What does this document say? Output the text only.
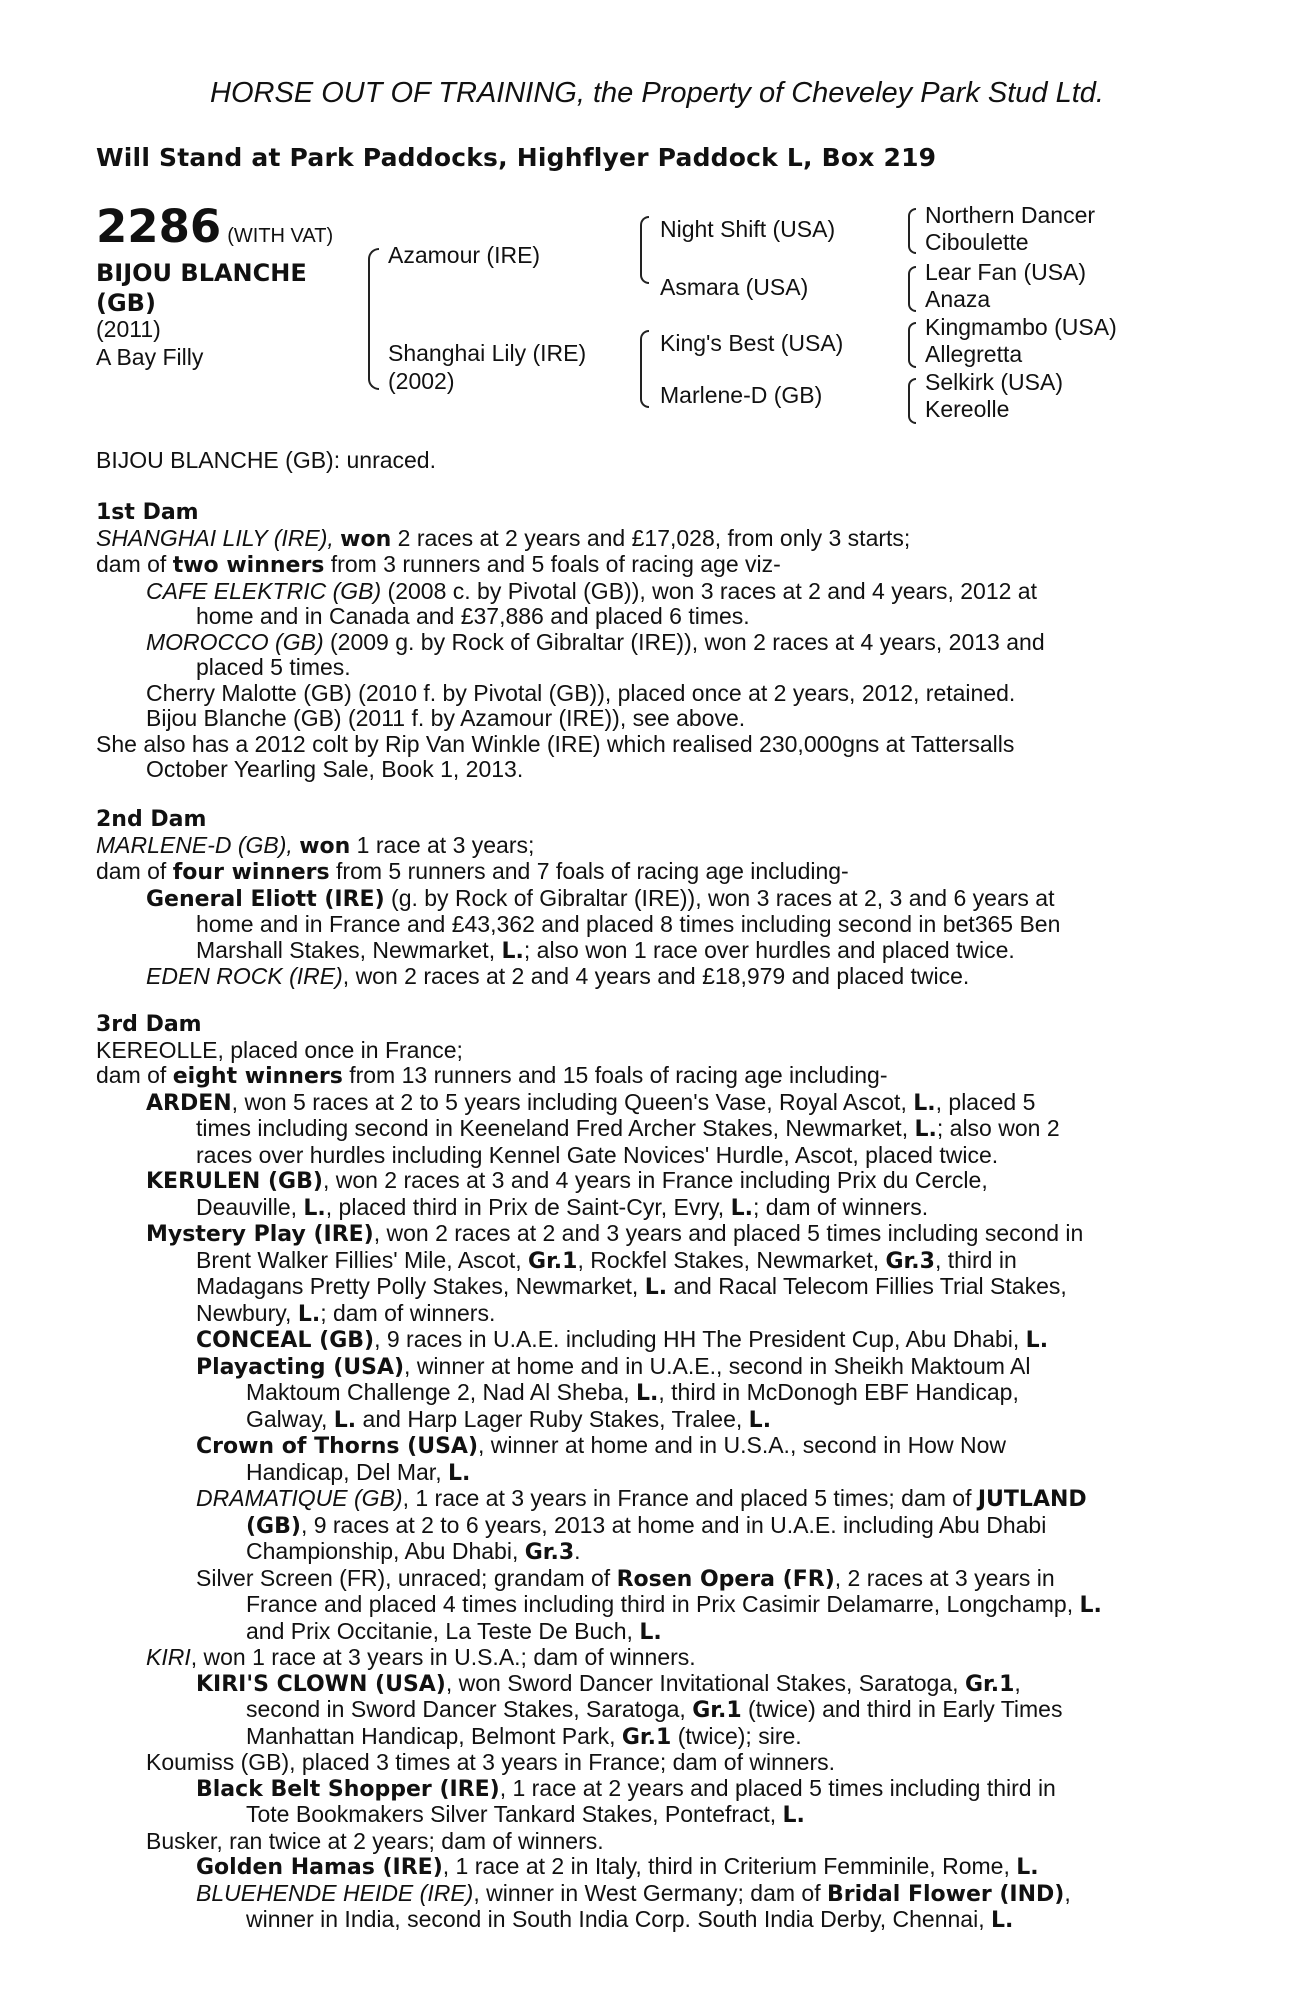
HORSE OUT OF TRAINING, the Property of Cheveley Park Stud Ltd.
Will Stand at Park Paddocks, Highflyer Paddock L, Box 219
2286 (WITH VAT)
BIJOU BLANCHE
(GB)
(2011)
A Bay Filly
Azamour (IRE)
Shanghai Lily (IRE)
(2002)
Night Shift (USA)
Asmara (USA)
King's Best (USA)
Marlene-D (GB)
Northern Dancer
Ciboulette
Lear Fan (USA)
Anaza
Kingmambo (USA)
Allegretta
Selkirk (USA)
Kereolle
BIJOU BLANCHE (GB): unraced.
1st Dam
SHANGHAI LILY (IRE), won 2 races at 2 years and £17,028, from only 3 starts;
dam of two winners from 3 runners and 5 foals of racing age viz-
CAFE ELEKTRIC (GB) (2008 c. by Pivotal (GB)), won 3 races at 2 and 4 years, 2012 at
home and in Canada and £37,886 and placed 6 times.
MOROCCO (GB) (2009 g. by Rock of Gibraltar (IRE)), won 2 races at 4 years, 2013 and
placed 5 times.
Cherry Malotte (GB) (2010 f. by Pivotal (GB)), placed once at 2 years, 2012, retained.
Bijou Blanche (GB) (2011 f. by Azamour (IRE)), see above.
She also has a 2012 colt by Rip Van Winkle (IRE) which realised 230,000gns at Tattersalls
October Yearling Sale, Book 1, 2013.
2nd Dam
MARLENE-D (GB), won 1 race at 3 years;
dam of four winners from 5 runners and 7 foals of racing age including-
General Eliott (IRE) (g. by Rock of Gibraltar (IRE)), won 3 races at 2, 3 and 6 years at
home and in France and £43,362 and placed 8 times including second in bet365 Ben
Marshall Stakes, Newmarket, L.; also won 1 race over hurdles and placed twice.
EDEN ROCK (IRE), won 2 races at 2 and 4 years and £18,979 and placed twice.
3rd Dam
KEREOLLE, placed once in France;
dam of eight winners from 13 runners and 15 foals of racing age including-
ARDEN, won 5 races at 2 to 5 years including Queen's Vase, Royal Ascot, L., placed 5
times including second in Keeneland Fred Archer Stakes, Newmarket, L.; also won 2
races over hurdles including Kennel Gate Novices' Hurdle, Ascot, placed twice.
KERULEN (GB), won 2 races at 3 and 4 years in France including Prix du Cercle,
Deauville, L., placed third in Prix de Saint-Cyr, Evry, L.; dam of winners.
Mystery Play (IRE), won 2 races at 2 and 3 years and placed 5 times including second in
Brent Walker Fillies' Mile, Ascot, Gr.1, Rockfel Stakes, Newmarket, Gr.3, third in
Madagans Pretty Polly Stakes, Newmarket, L. and Racal Telecom Fillies Trial Stakes,
Newbury, L.; dam of winners.
CONCEAL (GB), 9 races in U.A.E. including HH The President Cup, Abu Dhabi, L.
Playacting (USA), winner at home and in U.A.E., second in Sheikh Maktoum Al
Maktoum Challenge 2, Nad Al Sheba, L., third in McDonogh EBF Handicap,
Galway, L. and Harp Lager Ruby Stakes, Tralee, L.
Crown of Thorns (USA), winner at home and in U.S.A., second in How Now
Handicap, Del Mar, L.
DRAMATIQUE (GB), 1 race at 3 years in France and placed 5 times; dam of JUTLAND
(GB), 9 races at 2 to 6 years, 2013 at home and in U.A.E. including Abu Dhabi
Championship, Abu Dhabi, Gr.3.
Silver Screen (FR), unraced; grandam of Rosen Opera (FR), 2 races at 3 years in
France and placed 4 times including third in Prix Casimir Delamarre, Longchamp, L.
and Prix Occitanie, La Teste De Buch, L.
KIRI, won 1 race at 3 years in U.S.A.; dam of winners.
KIRI'S CLOWN (USA), won Sword Dancer Invitational Stakes, Saratoga, Gr.1,
second in Sword Dancer Stakes, Saratoga, Gr.1 (twice) and third in Early Times
Manhattan Handicap, Belmont Park, Gr.1 (twice); sire.
Koumiss (GB), placed 3 times at 3 years in France; dam of winners.
Black Belt Shopper (IRE), 1 race at 2 years and placed 5 times including third in
Tote Bookmakers Silver Tankard Stakes, Pontefract, L.
Busker, ran twice at 2 years; dam of winners.
Golden Hamas (IRE), 1 race at 2 in Italy, third in Criterium Femminile, Rome, L.
BLUEHENDE HEIDE (IRE), winner in West Germany; dam of Bridal Flower (IND),
winner in India, second in South India Corp. South India Derby, Chennai, L.
